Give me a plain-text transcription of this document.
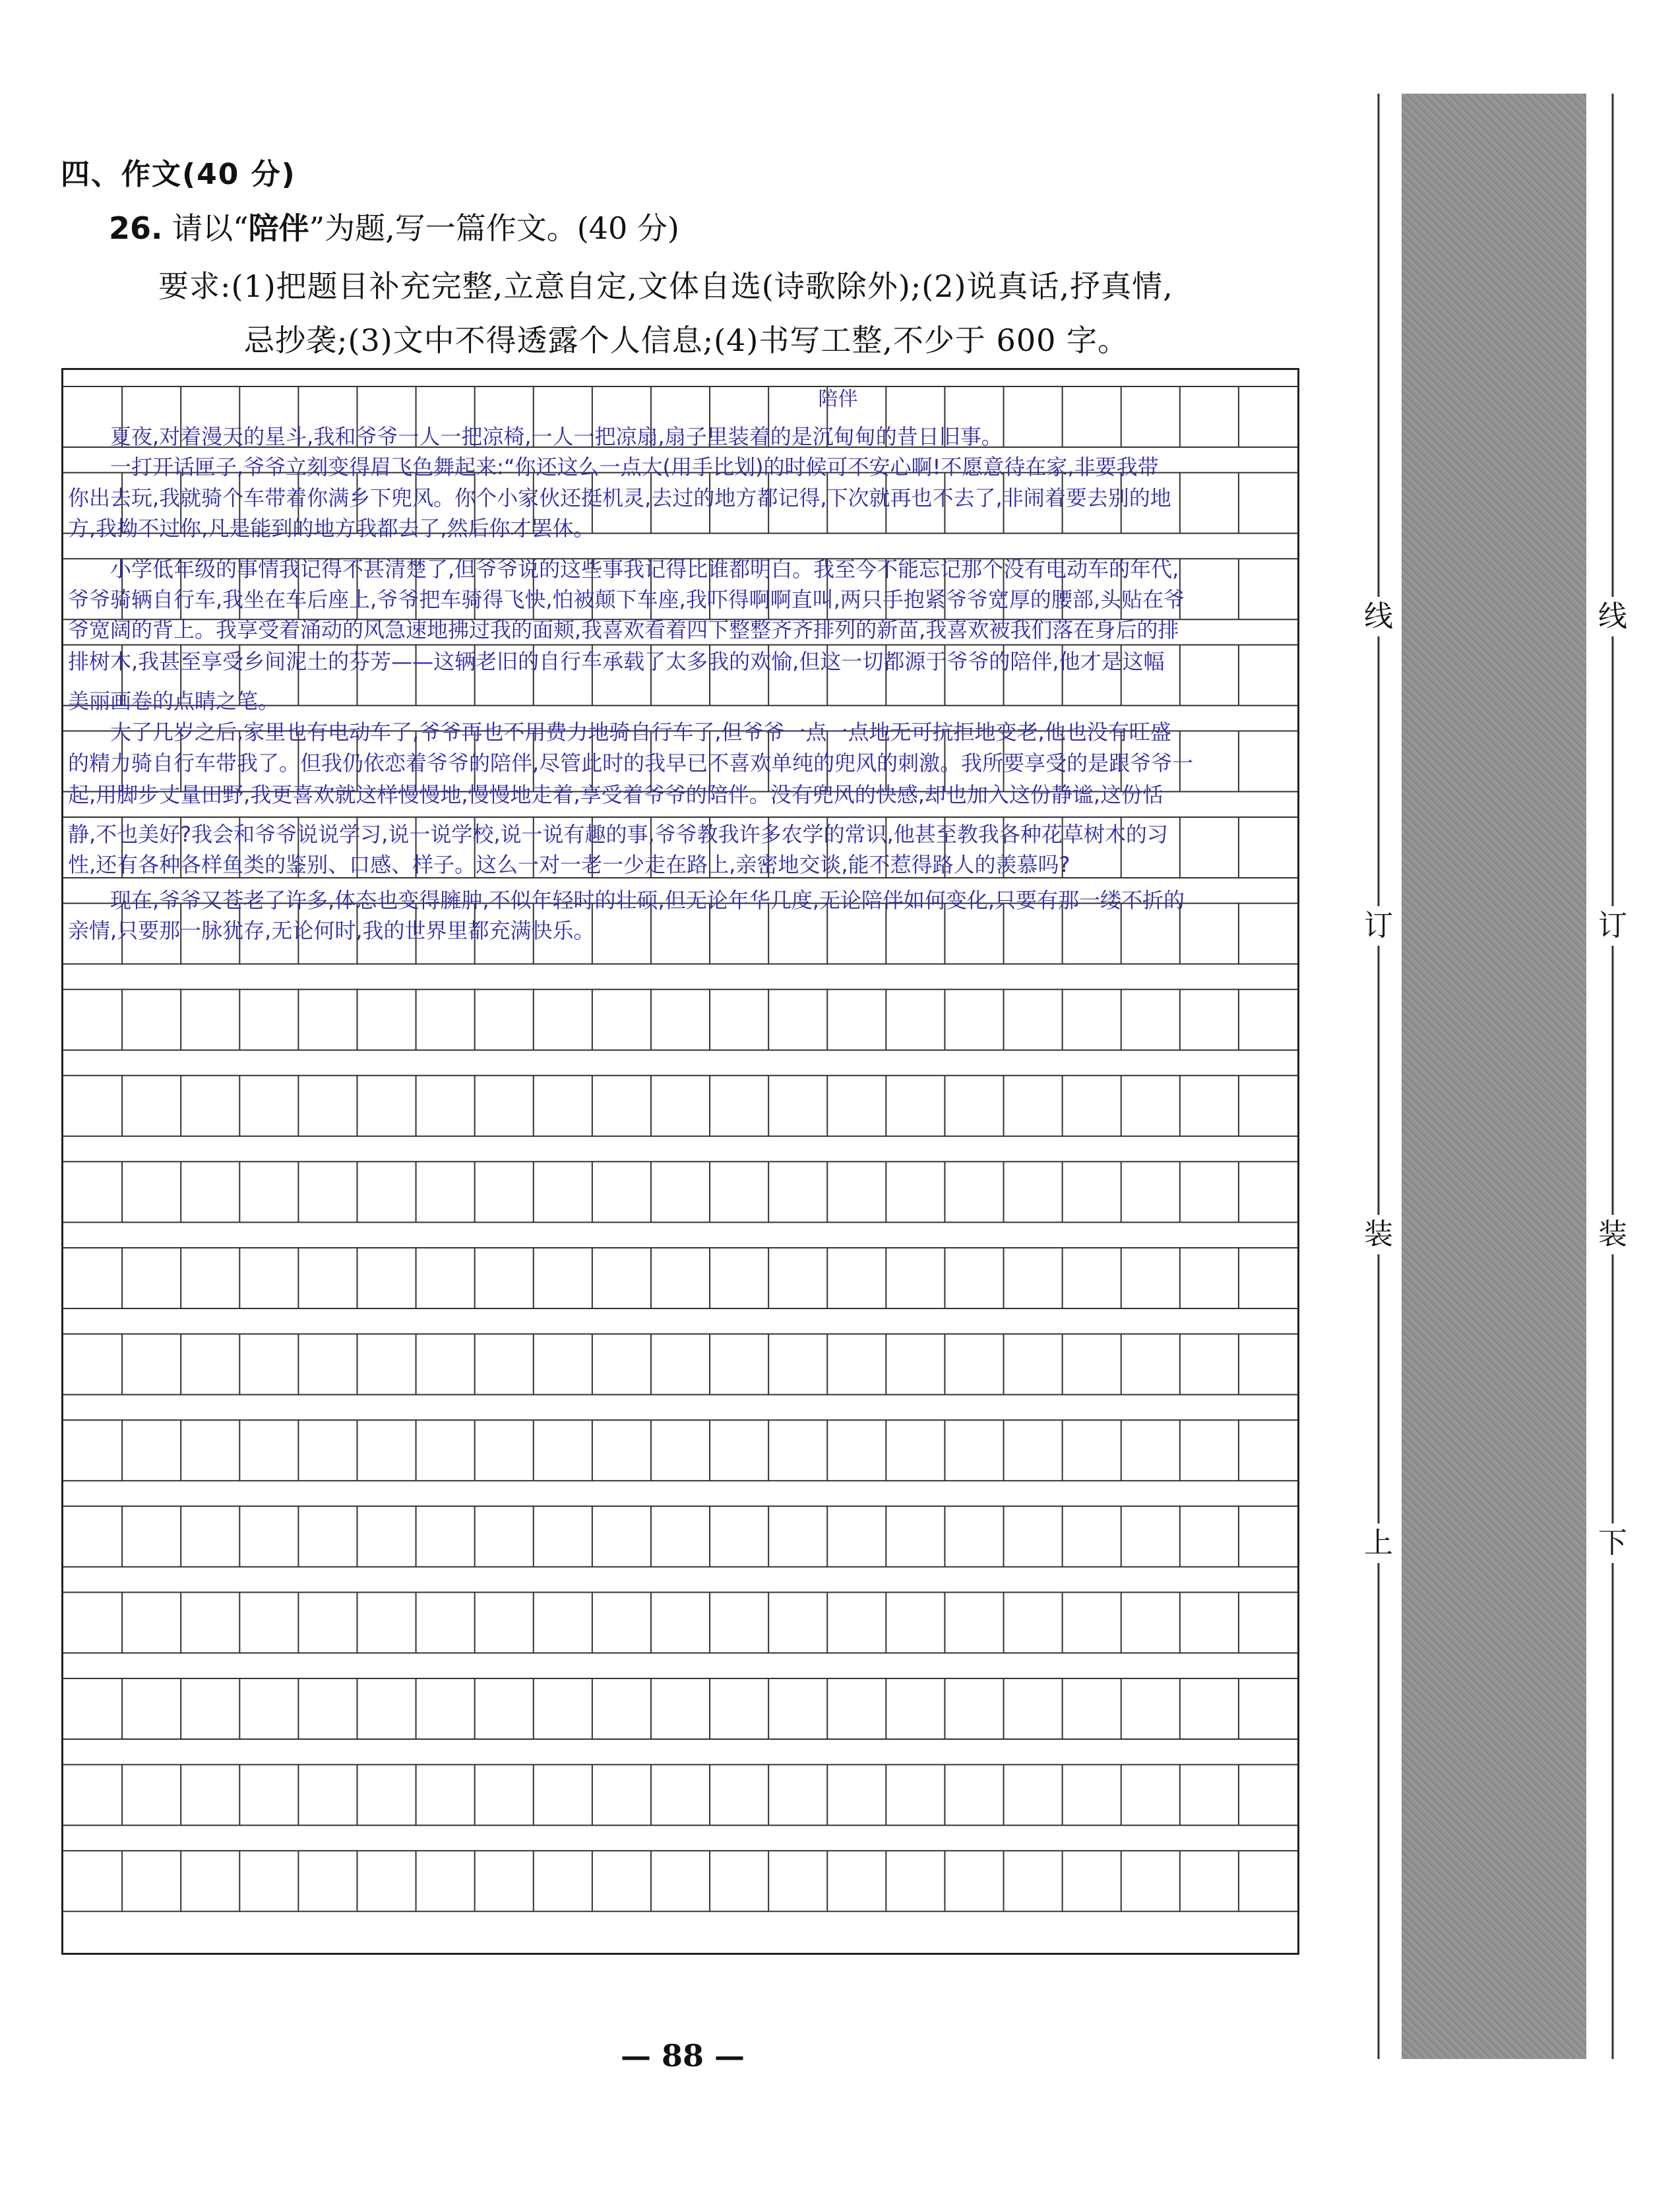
四、作文(40 分)
26. 请以“陪伴”为题,写一篇作文。(40 分)
要求:(1)把题目补充完整,立意自定,文体自选(诗歌除外);(2)说真话,抒真情,
忌抄袭;(3)文中不得透露个人信息;(4)书写工整,不少于 600 字。
陪伴
夏夜,对着漫天的星斗,我和爷爷一人一把凉椅,一人一把凉扇,扇子里装着的是沉甸甸的昔日旧事。
一打开话匣子,爷爷立刻变得眉飞色舞起来:“你还这么一点大(用手比划)的时候可不安心啊!不愿意待在家,非要我带
你出去玩,我就骑个车带着你满乡下兜风。你个小家伙还挺机灵,去过的地方都记得,下次就再也不去了,非闹着要去别的地
方,我拗不过你,凡是能到的地方我都去了,然后你才罢休。
小学低年级的事情我记得不甚清楚了,但爷爷说的这些事我记得比谁都明白。我至今不能忘记那个没有电动车的年代,
爷爷骑辆自行车,我坐在车后座上,爷爷把车骑得飞快,怕被颠下车座,我吓得啊啊直叫,两只手抱紧爷爷宽厚的腰部,头贴在爷
爷宽阔的背上。我享受着涌动的风急速地拂过我的面颊,我喜欢看着四下整整齐齐排列的新苗,我喜欢被我们落在身后的排
排树木,我甚至享受乡间泥土的芬芳——这辆老旧的自行车承载了太多我的欢愉,但这一切都源于爷爷的陪伴,他才是这幅
美丽画卷的点睛之笔。
大了几岁之后,家里也有电动车了,爷爷再也不用费力地骑自行车了,但爷爷一点一点地无可抗拒地变老,他也没有旺盛
的精力骑自行车带我了。但我仍依恋着爷爷的陪伴,尽管此时的我早已不喜欢单纯的兜风的刺激。我所要享受的是跟爷爷一
起,用脚步丈量田野,我更喜欢就这样慢慢地,慢慢地走着,享受着爷爷的陪伴。没有兜风的快感,却也加入这份静谧,这份恬
静,不也美好?我会和爷爷说说学习,说一说学校,说一说有趣的事,爷爷教我许多农学的常识,他甚至教我各种花草树木的习
性,还有各种各样鱼类的鉴别、口感、样子。这么一对一老一少走在路上,亲密地交谈,能不惹得路人的羡慕吗?
现在,爷爷又苍老了许多,体态也变得臃肿,不似年轻时的壮硕,但无论年华几度,无论陪伴如何变化,只要有那一缕不折的
亲情,只要那一脉犹存,无论何时,我的世界里都充满快乐。
— 88 —
线
订
装
上
线
订
装
下
